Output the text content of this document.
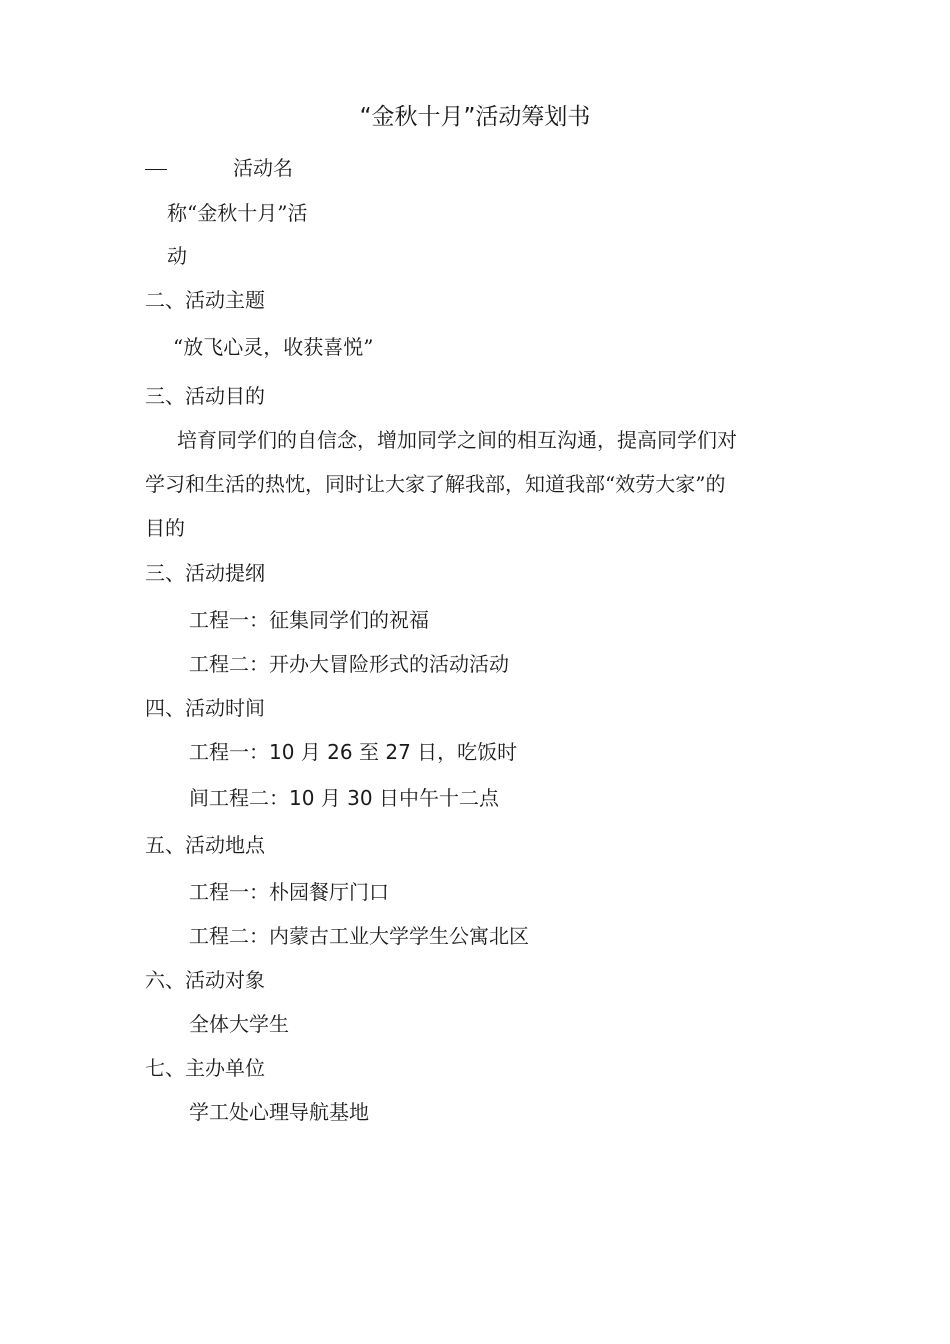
“金秋十月”活动筹划书
活动名
称“金秋十月”活
动
二、活动主题
“放飞心灵，收获喜悦”
三、活动目的
培育同学们的自信念，增加同学之间的相互沟通，提高同学们对
学习和生活的热忱，同时让大家了解我部，知道我部“效劳大家”的
目的
三、活动提纲
工程一：征集同学们的祝福
工程二：开办大冒险形式的活动活动
四、活动时间
工程一：10 月 26 至 27 日，吃饭时
间工程二：10 月 30 日中午十二点
五、活动地点
工程一：朴园餐厅门口
工程二：内蒙古工业大学学生公寓北区
六、活动对象
全体大学生
七、主办单位
学工处心理导航基地
